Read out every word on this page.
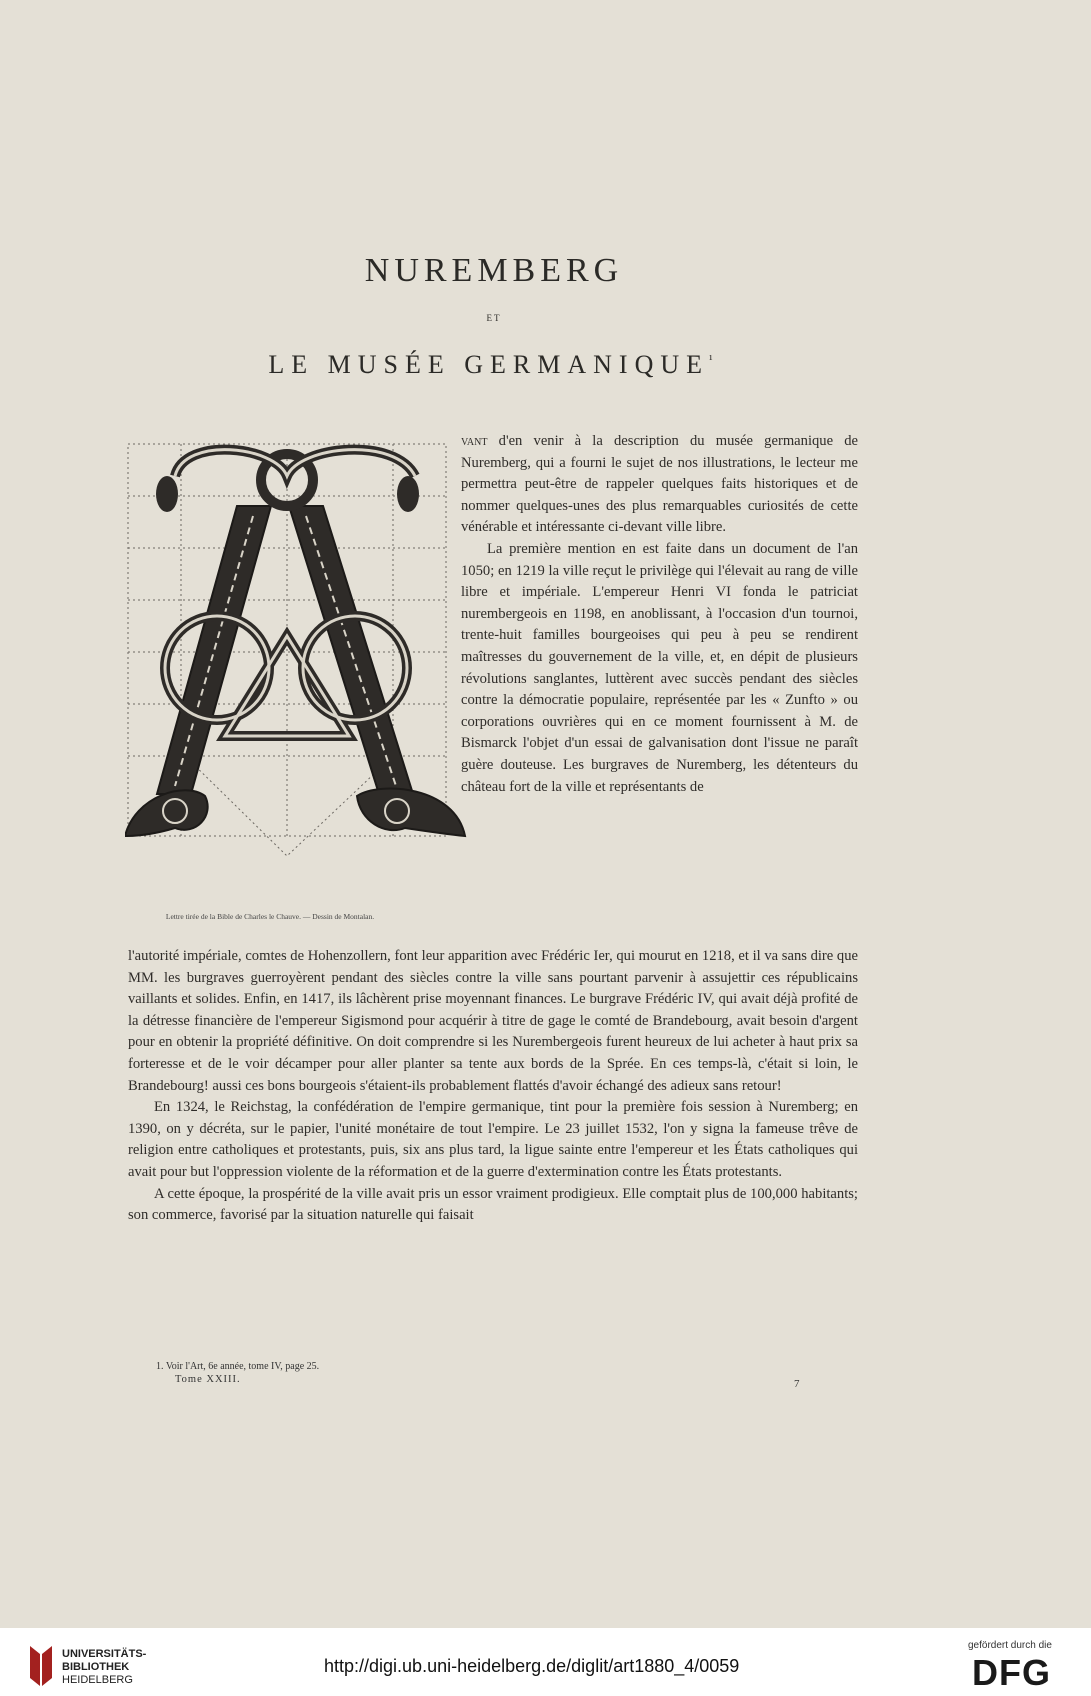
NUREMBERG
ET
LE MUSÉE $GERMANIQUE^{^1}$
Lettre tirée de la Bible de Charles le Chauve. — Dessin de Montalan.

vant d'en venir à la description du musée germanique de Nuremberg, qui a fourni le sujet de nos illustrations, le lecteur me permettra peut-être de rappeler quelques faits historiques et de nommer quelques-unes des plus remarquables curiosités de cette vénérable et intéressante ci-devant ville libre.

La première mention en est faite dans un document de l'an 1050; en 1219 la ville reçut le privilège qui l'élevait au rang de ville libre et impériale. L'empereur Henri VI fonda le patriciat nurembergeois en 1198, en anoblissant, à l'occasion d'un tournoi, trente-huit familles bourgeoises qui peu à peu se rendirent maîtresses du gouvernement de la ville, et, en dépit de plusieurs révolutions sanglantes, luttèrent avec succès pendant des siècles contre la démocratie populaire, représentée par les « Zunfto » ou corporations ouvrières qui en ce moment fournissent à M. de Bismarck l'objet d'un essai de galvanisation dont l'issue ne paraît guère douteuse. Les burgraves de Nuremberg, les détenteurs du château fort de la ville et représentants de

l'autorité impériale, comtes de Hohenzollern, font leur apparition avec Frédéric Ier, qui mourut en 1218, et il va sans dire que MM. les burgraves guerroyèrent pendant des siècles contre la ville sans pourtant parvenir à assujettir ces républicains vaillants et solides. Enfin, en 1417, ils lâchèrent prise moyennant finances. Le burgrave Frédéric IV, qui avait déjà profité de la détresse financière de l'empereur Sigismond pour acquérir à titre de gage le comté de Brandebourg, avait besoin d'argent pour en obtenir la propriété définitive. On doit comprendre si les Nurembergeois furent heureux de lui acheter à haut prix sa forteresse et de le voir décamper pour aller planter sa tente aux bords de la Sprée. En ces temps-là, c'était si loin, le Brandebourg! aussi ces bons bourgeois s'étaient-ils probablement flattés d'avoir échangé des adieux sans retour!

En 1324, le Reichstag, la confédération de l'empire germanique, tint pour la première fois session à Nuremberg; en 1390, on y décréta, sur le papier, l'unité monétaire de tout l'empire. Le 23 juillet 1532, l'on y signa la fameuse trêve de religion entre catholiques et protestants, puis, six ans plus tard, la ligue sainte entre l'empereur et les États catholiques qui avait pour but l'oppression violente de la réformation et de la guerre d'extermination contre les États protestants.

A cette époque, la prospérité de la ville avait pris un essor vraiment prodigieux. Elle comptait plus de 100,000 habitants; son commerce, favorisé par la situation naturelle qui faisait

1. Voir l'Art, 6e année, tome IV, page 25.
Tome XXIII.	7
UNIVERSITÄTS-
BIBLIOTHEK
HEIDELBERG
http://digi.ub.uni-heidelberg.de/diglit/art1880_4/0059
gefördert durch die
DFG
